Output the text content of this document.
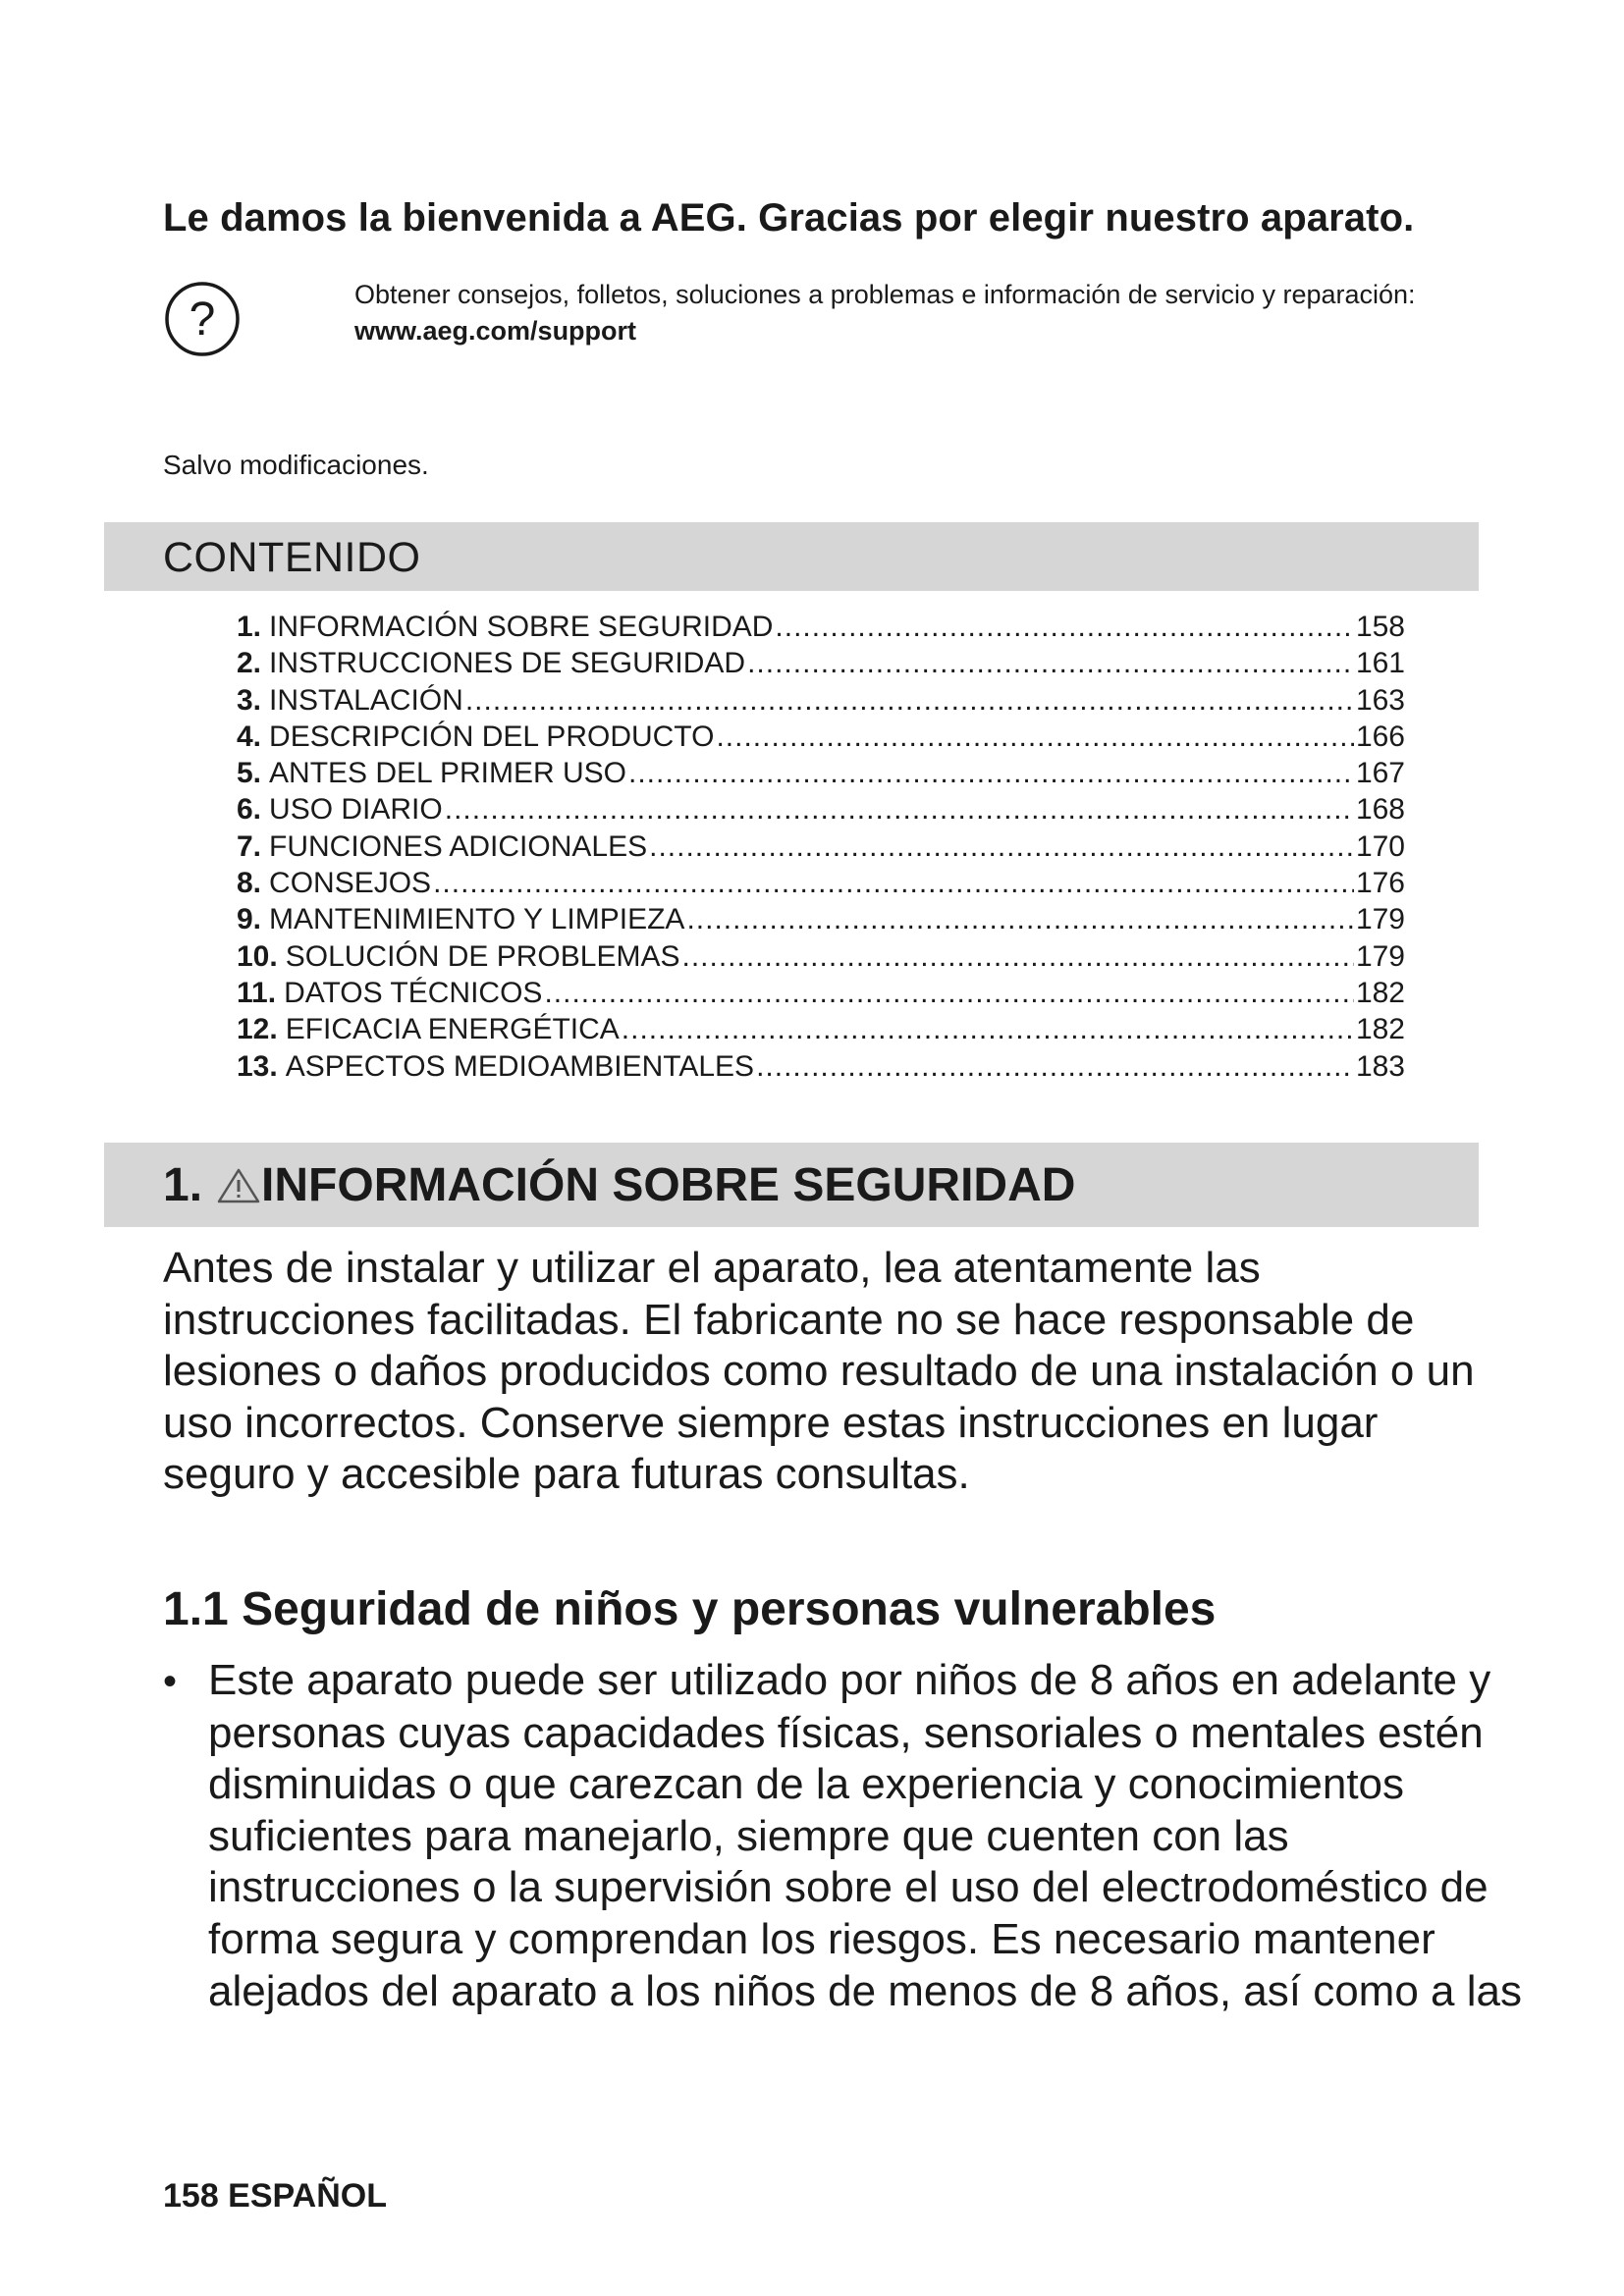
Le damos la bienvenida a AEG. Gracias por elegir nuestro aparato.
?	Obtener consejos, folletos, soluciones a problemas e información de servicio y reparación:
www.aeg.com/support
Salvo modificaciones.
CONTENIDO
1. INFORMACIÓN SOBRE SEGURIDAD .....	158
2. INSTRUCCIONES DE SEGURIDAD .....	161
3. INSTALACIÓN .....	163
4. DESCRIPCIÓN DEL PRODUCTO .....	166
5. ANTES DEL PRIMER USO .....	167
6. USO DIARIO .....	168
7. FUNCIONES ADICIONALES .....	170
8. CONSEJOS .....	176
9. MANTENIMIENTO Y LIMPIEZA .....	179
10. SOLUCIÓN DE PROBLEMAS .....	179
11. DATOS TÉCNICOS .....	182
12. EFICACIA ENERGÉTICA .....	182
13. ASPECTOS MEDIOAMBIENTALES .....	183
1. INFORMACIÓN SOBRE SEGURIDAD

Antes de instalar y utilizar el aparato, lea atentamente las instrucciones facilitadas. El fabricante no se hace responsable de lesiones o daños producidos como resultado de una instalación o un uso incorrectos. Conserve siempre estas instrucciones en lugar seguro y accesible para futuras consultas.

1.1 Seguridad de niños y personas vulnerables

• Este aparato puede ser utilizado por niños de 8 años en adelante y personas cuyas capacidades físicas, sensoriales o mentales estén disminuidas o que carezcan de la experiencia y conocimientos suficientes para manejarlo, siempre que cuenten con las instrucciones o la supervisión sobre el uso del electrodoméstico de forma segura y comprendan los riesgos. Es necesario mantener alejados del aparato a los niños de menos de 8 años, así como a las

158 ESPAÑOL
